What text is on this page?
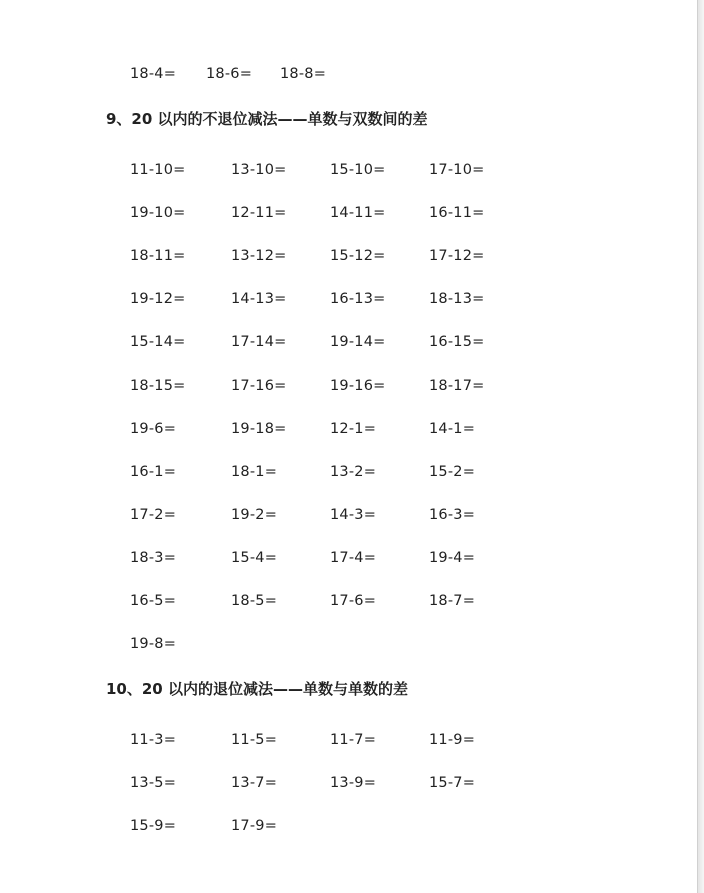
18-4= 18-6= 18-8=
9、20 以内的不退位减法——单数与双数间的差
11-10=	13-10=	15-10=	17-10=
19-10=	12-11=	14-11=	16-11=
18-11=	13-12=	15-12=	17-12=
19-12=	14-13=	16-13=	18-13=
15-14=	17-14=	19-14=	16-15=
18-15=	17-16=	19-16=	18-17=
19-6=	19-18=	12-1=	14-1=
16-1=	18-1=	13-2=	15-2=
17-2=	19-2=	14-3=	16-3=
18-3=	15-4=	17-4=	19-4=
16-5=	18-5=	17-6=	18-7=
19-8=
10、20 以内的退位减法——单数与单数的差
11-3=	11-5=	11-7=	11-9=
13-5=	13-7=	13-9=	15-7=
15-9=	17-9=
